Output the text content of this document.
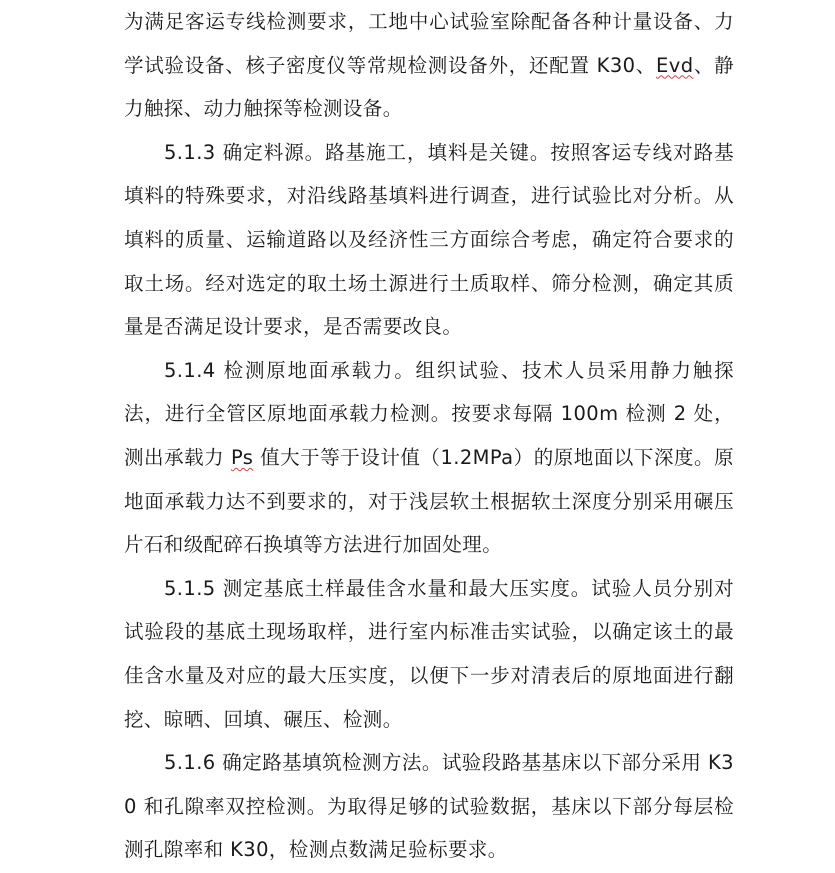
为满足客运专线检测要求，工地中心试验室除配备各种计量设备、力学试验设备、核子密度仪等常规检测设备外，还配置 K30、Evd、静力触探、动力触探等检测设备。

5.1.3 确定料源。路基施工，填料是关键。按照客运专线对路基填料的特殊要求，对沿线路基填料进行调查，进行试验比对分析。从填料的质量、运输道路以及经济性三方面综合考虑，确定符合要求的取土场。经对选定的取土场土源进行土质取样、筛分检测，确定其质量是否满足设计要求，是否需要改良。

5.1.4 检测原地面承载力。组织试验、技术人员采用静力触探法，进行全管区原地面承载力检测。按要求每隔 100m 检测 2 处，测出承载力 Ps 值大于等于设计值（1.2MPa）的原地面以下深度。原地面承载力达不到要求的，对于浅层软土根据软土深度分别采用碾压片石和级配碎石换填等方法进行加固处理。

5.1.5 测定基底土样最佳含水量和最大压实度。试验人员分别对试验段的基底土现场取样，进行室内标准击实试验，以确定该土的最佳含水量及对应的最大压实度，以便下一步对清表后的原地面进行翻挖、晾晒、回填、碾压、检测。

5.1.6 确定路基填筑检测方法。试验段路基基床以下部分采用 K30 和孔隙率双控检测。为取得足够的试验数据，基床以下部分每层检测孔隙率和 K30，检测点数满足验标要求。
